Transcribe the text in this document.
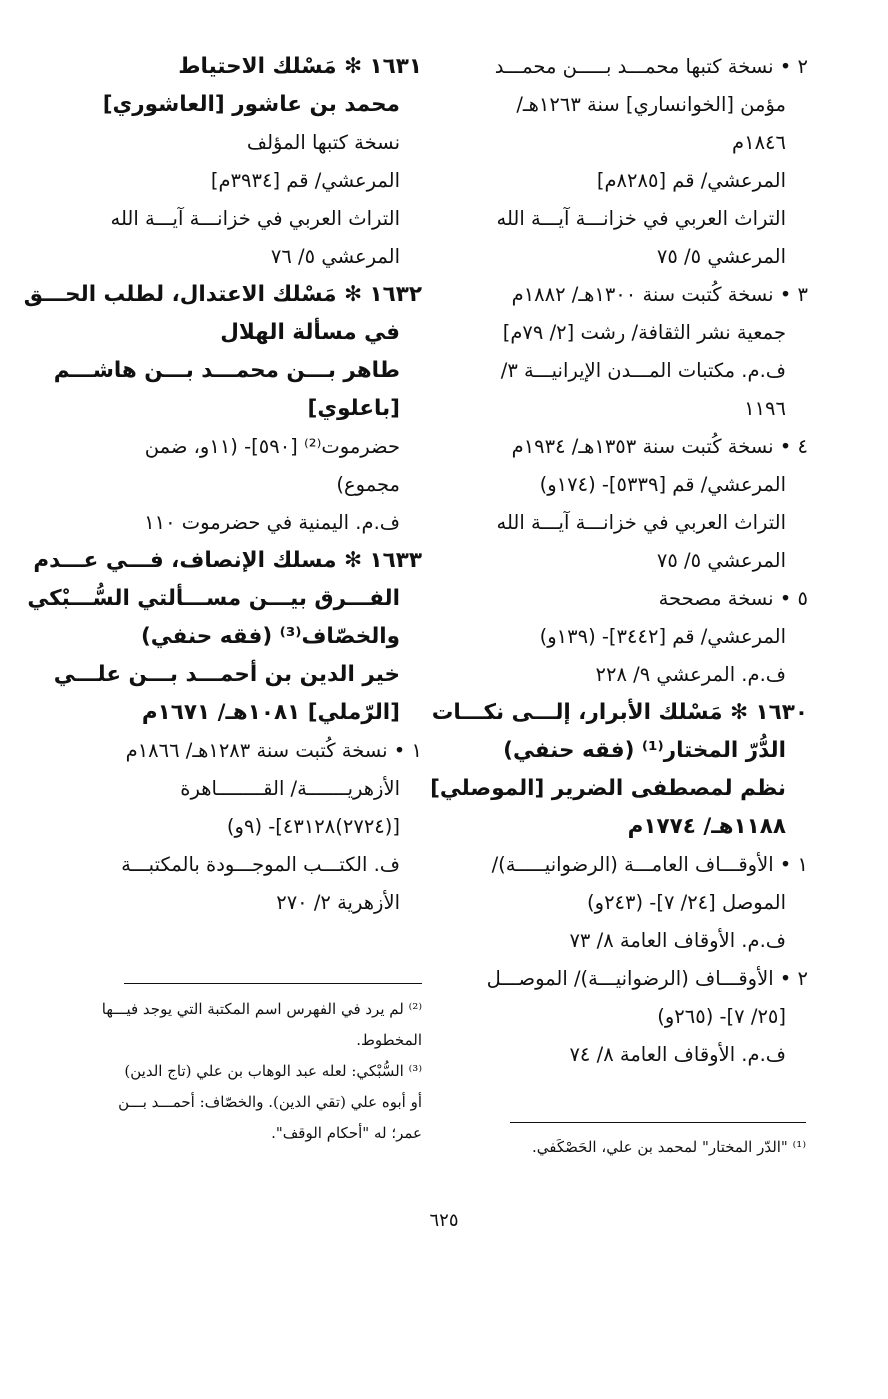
٢ • نسخة كتبها محمـــد بـــــن محمـــد
مؤمن [الخوانساري] سنة ١٢٦٣هـ/
١٨٤٦م
المرعشي/ قم [٨٢٨٥م]
التراث العربي في خزانـــة آيـــة الله
المرعشي ٥/ ٧٥
٣ • نسخة كُتبت سنة ١٣٠٠هـ/ ١٨٨٢م
جمعية نشر الثقافة/ رشت [٢/ ٧٩م]
ف.م. مكتبات المـــدن الإيرانيـــة ٣/
١١٩٦
٤ • نسخة كُتبت سنة ١٣٥٣هـ/ ١٩٣٤م
المرعشي/ قم [٥٣٣٩]- (١٧٤و)
التراث العربي في خزانـــة آيـــة الله
المرعشي ٥/ ٧٥
٥ • نسخة مصححة
المرعشي/ قم [٣٤٤٢]- (١٣٩و)
ف.م. المرعشي ٩/ ٢٢٨
١٦٣٠ ✻ مَسْلك الأبرار، إلـــى نكـــات
الدُّرّ المختار⁽¹⁾ (فقه حنفي)
نظم لمصطفى الضرير [الموصلي]
١١٨٨هـ/ ١٧٧٤م
١ • الأوقـــاف العامـــة (الرضوانيـــــة)/
الموصل [٢٤/ ٧]- (٢٤٣و)
ف.م. الأوقاف العامة ٨/ ٧٣
٢ • الأوقـــاف (الرضوانيـــة)/ الموصـــل
[٢٥/ ٧]- (٢٦٥و)
ف.م. الأوقاف العامة ٨/ ٧٤
١٦٣١ ✻ مَسْلك الاحتياط
محمد بن عاشور [العاشوري]
نسخة كتبها المؤلف
المرعشي/ قم [٣٩٣٤م]
التراث العربي في خزانـــة آيـــة الله
المرعشي ٥/ ٧٦
١٦٣٢ ✻ مَسْلك الاعتدال، لطلب الحـــق
في مسألة الهلال
طاهر بـــن محمـــد بـــن هاشـــم
[باعلوي]
حضرموت⁽²⁾ [٥٩٠]- (١١و، ضمن
مجموع)
ف.م. اليمنية في حضرموت ١١٠
١٦٣٣ ✻ مسلك الإنصاف، فـــي عـــدم
الفـــرق بيـــن مســـألتي السُّـــبْكي
والخصّاف⁽³⁾ (فقه حنفي)
خير الدين بن أحمـــد بـــن علـــي
[الرّملي] ١٠٨١هـ/ ١٦٧١م
١ • نسخة كُتبت سنة ١٢٨٣هـ/ ١٨٦٦م
الأزهريـــــــة/ القــــــــاهرة
[(٢٧٢٤)٤٣١٢٨]- (٩و)
ف. الكتـــب الموجـــودة بالمكتبـــة
الأزهرية ٢/ ٢٧٠
⁽¹⁾ "الدّر المختار" لمحمد بن علي، الحَصْكَفي.
⁽²⁾ لم يرد في الفهرس اسم المكتبة التي يوجد فيـــها
المخطوط.
⁽³⁾ السُّبْكي: لعله عبد الوهاب بن علي (تاج الدين)
أو أبوه علي (تقي الدين). والخصّاف: أحمـــد بـــن
عمر؛ له "أحكام الوقف".
٦٢٥
